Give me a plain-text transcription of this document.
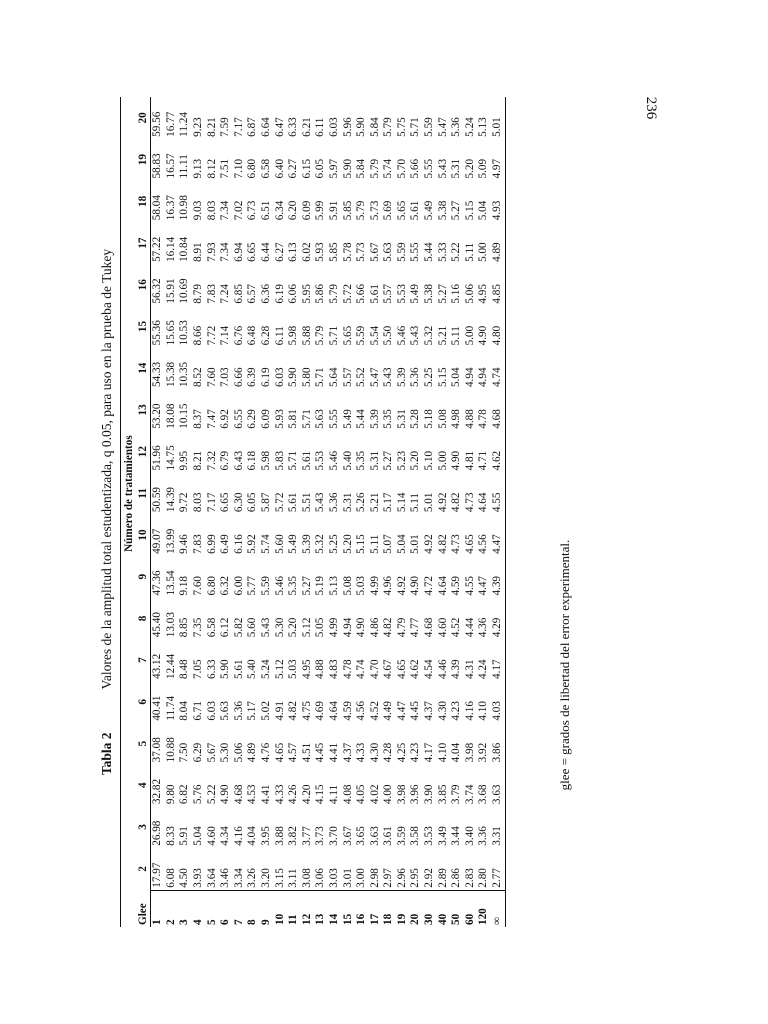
236
Tabla 2 Valores de la amplitud total estudentizada, q 0.05, para uso en la prueba de Tukey
	Número de tratamientos																		
Glee	2	3	4	5	6	7	8	9	10	11	12	13	14	15	16	17	18	19	20
1	17.97	26.98	32.82	37.08	40.41	43.12	45.40	47.36	49.07	50.59	51.96	53.20	54.33	55.36	56.32	57.22	58.04	58.83	59.56
2	6.08	8.33	9.80	10.88	11.74	12.44	13.03	13.54	13.99	14.39	14.75	18.08	15.38	15.65	15.91	16.14	16.37	16.57	16.77
3	4.50	5.91	6.82	7.50	8.04	8.48	8.85	9.18	9.46	9.72	9.95	10.15	10.35	10.53	10.69	10.84	10.98	11.11	11.24
4	3.93	5.04	5.76	6.29	6.71	7.05	7.35	7.60	7.83	8.03	8.21	8.37	8.52	8.66	8.79	8.91	9.03	9.13	9.23
5	3.64	4.60	5.22	5.67	6.03	6.33	6.58	6.80	6.99	7.17	7.32	7.47	7.60	7.72	7.83	7.93	8.03	8.12	8.21
6	3.46	4.34	4.90	5.30	5.63	5.90	6.12	6.32	6.49	6.65	6.79	6.92	7.03	7.14	7.24	7.34	7.34	7.51	7.59
7	3.34	4.16	4.68	5.06	5.36	5.61	5.82	6.00	6.16	6.30	6.43	6.55	6.66	6.76	6.85	6.94	7.02	7.10	7.17
8	3.26	4.04	4.53	4.89	5.17	5.40	5.60	5.77	5.92	6.05	6.18	6.29	6.39	6.48	6.57	6.65	6.73	6.80	6.87
9	3.20	3.95	4.41	4.76	5.02	5.24	5.43	5.59	5.74	5.87	5.98	6.09	6.19	6.28	6.36	6.44	6.51	6.58	6.64
10	3.15	3.88	4.33	4.65	4.91	5.12	5.30	5.46	5.60	5.72	5.83	5.93	6.03	6.11	6.19	6.27	6.34	6.40	6.47
11	3.11	3.82	4.26	4.57	4.82	5.03	5.20	5.35	5.49	5.61	5.71	5.81	5.90	5.98	6.06	6.13	6.20	6.27	6.33
12	3.08	3.77	4.20	4.51	4.75	4.95	5.12	5.27	5.39	5.51	5.61	5.71	5.80	5.88	5.95	6.02	6.09	6.15	6.21
13	3.06	3.73	4.15	4.45	4.69	4.88	5.05	5.19	5.32	5.43	5.53	5.63	5.71	5.79	5.86	5.93	5.99	6.05	6.11
14	3.03	3.70	4.11	4.41	4.64	4.83	4.99	5.13	5.25	5.36	5.46	5.55	5.64	5.71	5.79	5.85	5.91	5.97	6.03
15	3.01	3.67	4.08	4.37	4.59	4.78	4.94	5.08	5.20	5.31	5.40	5.49	5.57	5.65	5.72	5.78	5.85	5.90	5.96
16	3.00	3.65	4.05	4.33	4.56	4.74	4.90	5.03	5.15	5.26	5.35	5.44	5.52	5.59	5.66	5.73	5.79	5.84	5.90
17	2.98	3.63	4.02	4.30	4.52	4.70	4.86	4.99	5.11	5.21	5.31	5.39	5.47	5.54	5.61	5.67	5.73	5.79	5.84
18	2.97	3.61	4.00	4.28	4.49	4.67	4.82	4.96	5.07	5.17	5.27	5.35	5.43	5.50	5.57	5.63	5.69	5.74	5.79
19	2.96	3.59	3.98	4.25	4.47	4.65	4.79	4.92	5.04	5.14	5.23	5.31	5.39	5.46	5.53	5.59	5.65	5.70	5.75
20	2.95	3.58	3.96	4.23	4.45	4.62	4.77	4.90	5.01	5.11	5.20	5.28	5.36	5.43	5.49	5.55	5.61	5.66	5.71
30	2.92	3.53	3.90	4.17	4.37	4.54	4.68	4.72	4.92	5.01	5.10	5.18	5.25	5.32	5.38	5.44	5.49	5.55	5.59
40	2.89	3.49	3.85	4.10	4.30	4.46	4.60	4.64	4.82	4.92	5.00	5.08	5.15	5.21	5.27	5.33	5.38	5.43	5.47
50	2.86	3.44	3.79	4.04	4.23	4.39	4.52	4.59	4.73	4.82	4.90	4.98	5.04	5.11	5.16	5.22	5.27	5.31	5.36
60	2.83	3.40	3.74	3.98	4.16	4.31	4.44	4.55	4.65	4.73	4.81	4.88	4.94	5.00	5.06	5.11	5.15	5.20	5.24
120	2.80	3.36	3.68	3.92	4.10	4.24	4.36	4.47	4.56	4.64	4.71	4.78	4.94	4.90	4.95	5.00	5.04	5.09	5.13
∞	2.77	3.31	3.63	3.86	4.03	4.17	4.29	4.39	4.47	4.55	4.62	4.68	4.74	4.80	4.85	4.89	4.93	4.97	5.01
glee = grados de libertad del error experimental.
